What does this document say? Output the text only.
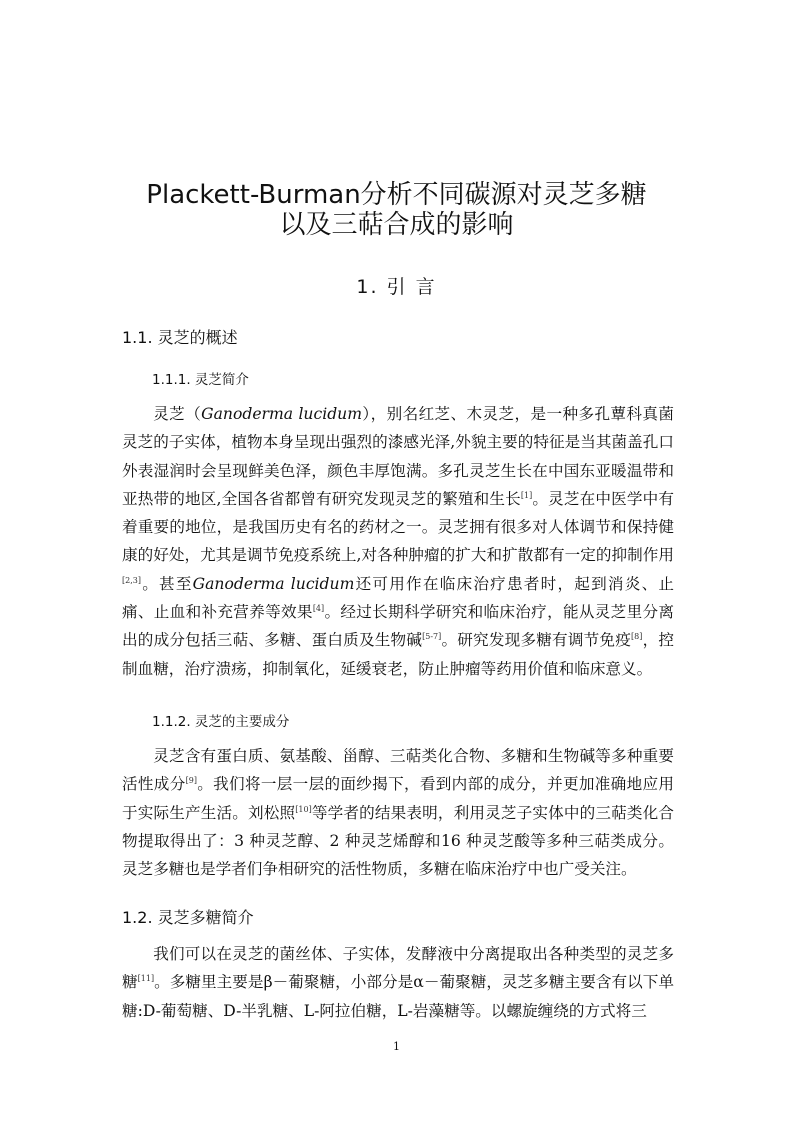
Plackett-Burman分析不同碳源对灵芝多糖
以及三萜合成的影响
1. 引 言
1.1. 灵芝的概述
1.1.1. 灵芝简介

灵芝（Ganoderma lucidum），别名红芝、木灵芝，是一种多孔蕈科真菌灵芝的子实体，植物本身呈现出强烈的漆感光泽,外貌主要的特征是当其菌盖孔口外表湿润时会呈现鲜美色泽，颜色丰厚饱满。多孔灵芝生长在中国东亚暖温带和亚热带的地区,全国各省都曾有研究发现灵芝的繁殖和生长[1]。灵芝在中医学中有着重要的地位，是我国历史有名的药材之一。灵芝拥有很多对人体调节和保持健康的好处，尤其是调节免疫系统上,对各种肿瘤的扩大和扩散都有一定的抑制作用[2,3]。甚至Ganoderma lucidum还可用作在临床治疗患者时，起到消炎、止痛、止血和补充营养等效果[4]。经过长期科学研究和临床治疗，能从灵芝里分离出的成分包括三萜、多糖、蛋白质及生物碱[5-7]。研究发现多糖有调节免疫[8]，控制血糖，治疗溃疡，抑制氧化，延缓衰老，防止肿瘤等药用价值和临床意义。

1.1.2. 灵芝的主要成分

灵芝含有蛋白质、氨基酸、甾醇、三萜类化合物、多糖和生物碱等多种重要活性成分[9]。我们将一层一层的面纱揭下，看到内部的成分，并更加准确地应用于实际生产生活。刘松照[10]等学者的结果表明，利用灵芝子实体中的三萜类化合物提取得出了：3 种灵芝醇、2 种灵芝烯醇和16 种灵芝酸等多种三萜类成分。灵芝多糖也是学者们争相研究的活性物质，多糖在临床治疗中也广受关注。

1.2. 灵芝多糖简介

我们可以在灵芝的菌丝体、子实体，发酵液中分离提取出各种类型的灵芝多糖[11]。多糖里主要是β－葡聚糖，小部分是α－葡聚糖，灵芝多糖主要含有以下单糖:D-葡萄糖、D-半乳糖、L-阿拉伯糖，L-岩藻糖等。以螺旋缠绕的方式将三

1
